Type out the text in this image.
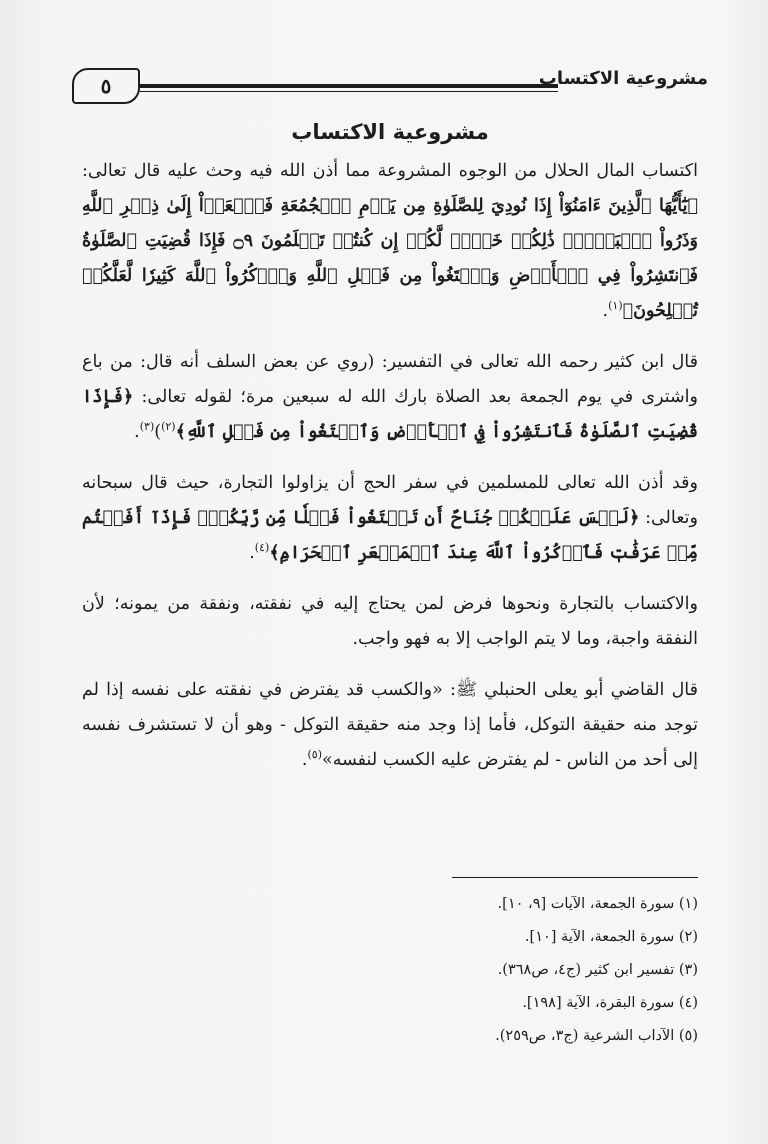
٥	مشروعية الاكتساب
مشروعية الاكتساب

اكتساب المال الحلال من الوجوه المشروعة مما أذن الله فيه وحث عليه قال تعالى: ﴿يَٰٓأَيُّهَا ٱلَّذِينَ ءَامَنُوٓاْ إِذَا نُودِيَ لِلصَّلَوٰةِ مِن يَوۡمِ ٱلۡجُمُعَةِ فَٱسۡعَوۡاْ إِلَىٰ ذِكۡرِ ٱللَّهِ وَذَرُواْ ٱلۡبَيۡعَۚ ذَٰلِكُمۡ خَيۡرٞ لَّكُمۡ إِن كُنتُمۡ تَعۡلَمُونَ ۝٩ فَإِذَا قُضِيَتِ ٱلصَّلَوٰةُ فَٱنتَشِرُواْ فِي ٱلۡأَرۡضِ وَٱبۡتَغُواْ مِن فَضۡلِ ٱللَّهِ وَٱذۡكُرُواْ ٱللَّهَ كَثِيرٗا لَّعَلَّكُمۡ تُفۡلِحُونَ﴾$^{(١)}$.

قال ابن كثير رحمه الله تعالى في التفسير: (روي عن بعض السلف أنه قال: من باع واشترى في يوم الجمعة بعد الصلاة بارك الله له سبعين مرة؛ لقوله تعالى: ﴿فَإِذَا قُضِيَتِ ٱلصَّلَوٰةُ فَٱنتَشِرُواْ فِي ٱلۡأَرۡضِ وَٱبۡتَغُواْ مِن فَضۡلِ ٱللَّهِ﴾$^{(٢)}$)$^{(٣)}$.

وقد أذن الله تعالى للمسلمين في سفر الحج أن يزاولوا التجارة، حيث قال سبحانه وتعالى: ﴿لَيۡسَ عَلَيۡكُمۡ جُنَاحٌ أَن تَبۡتَغُواْ فَضۡلٗا مِّن رَّبِّكُمۡۚ فَإِذَآ أَفَضۡتُم مِّنۡ عَرَفَٰتٖ فَٱذۡكُرُواْ ٱللَّهَ عِندَ ٱلۡمَشۡعَرِ ٱلۡحَرَامِ﴾$^{(٤)}$.

والاكتساب بالتجارة ونحوها فرض لمن يحتاج إليه في نفقته، ونفقة من يمونه؛ لأن النفقة واجبة، وما لا يتم الواجب إلا به فهو واجب.

قال القاضي أبو يعلى الحنبلي ﷺ: «والكسب قد يفترض في نفقته على نفسه إذا لم توجد منه حقيقة التوكل، فأما إذا وجد منه حقيقة التوكل - وهو أن لا تستشرف نفسه إلى أحد من الناس - لم يفترض عليه الكسب لنفسه»$^{(٥)}$.

(١) سورة الجمعة، الآيات [٩، ١٠].

(٢) سورة الجمعة، الآية [١٠].

(٣) تفسير ابن كثير (ج٤، ص٣٦٨).

(٤) سورة البقرة، الآية [١٩٨].

(٥) الآداب الشرعية (ج٣، ص٢٥٩).
